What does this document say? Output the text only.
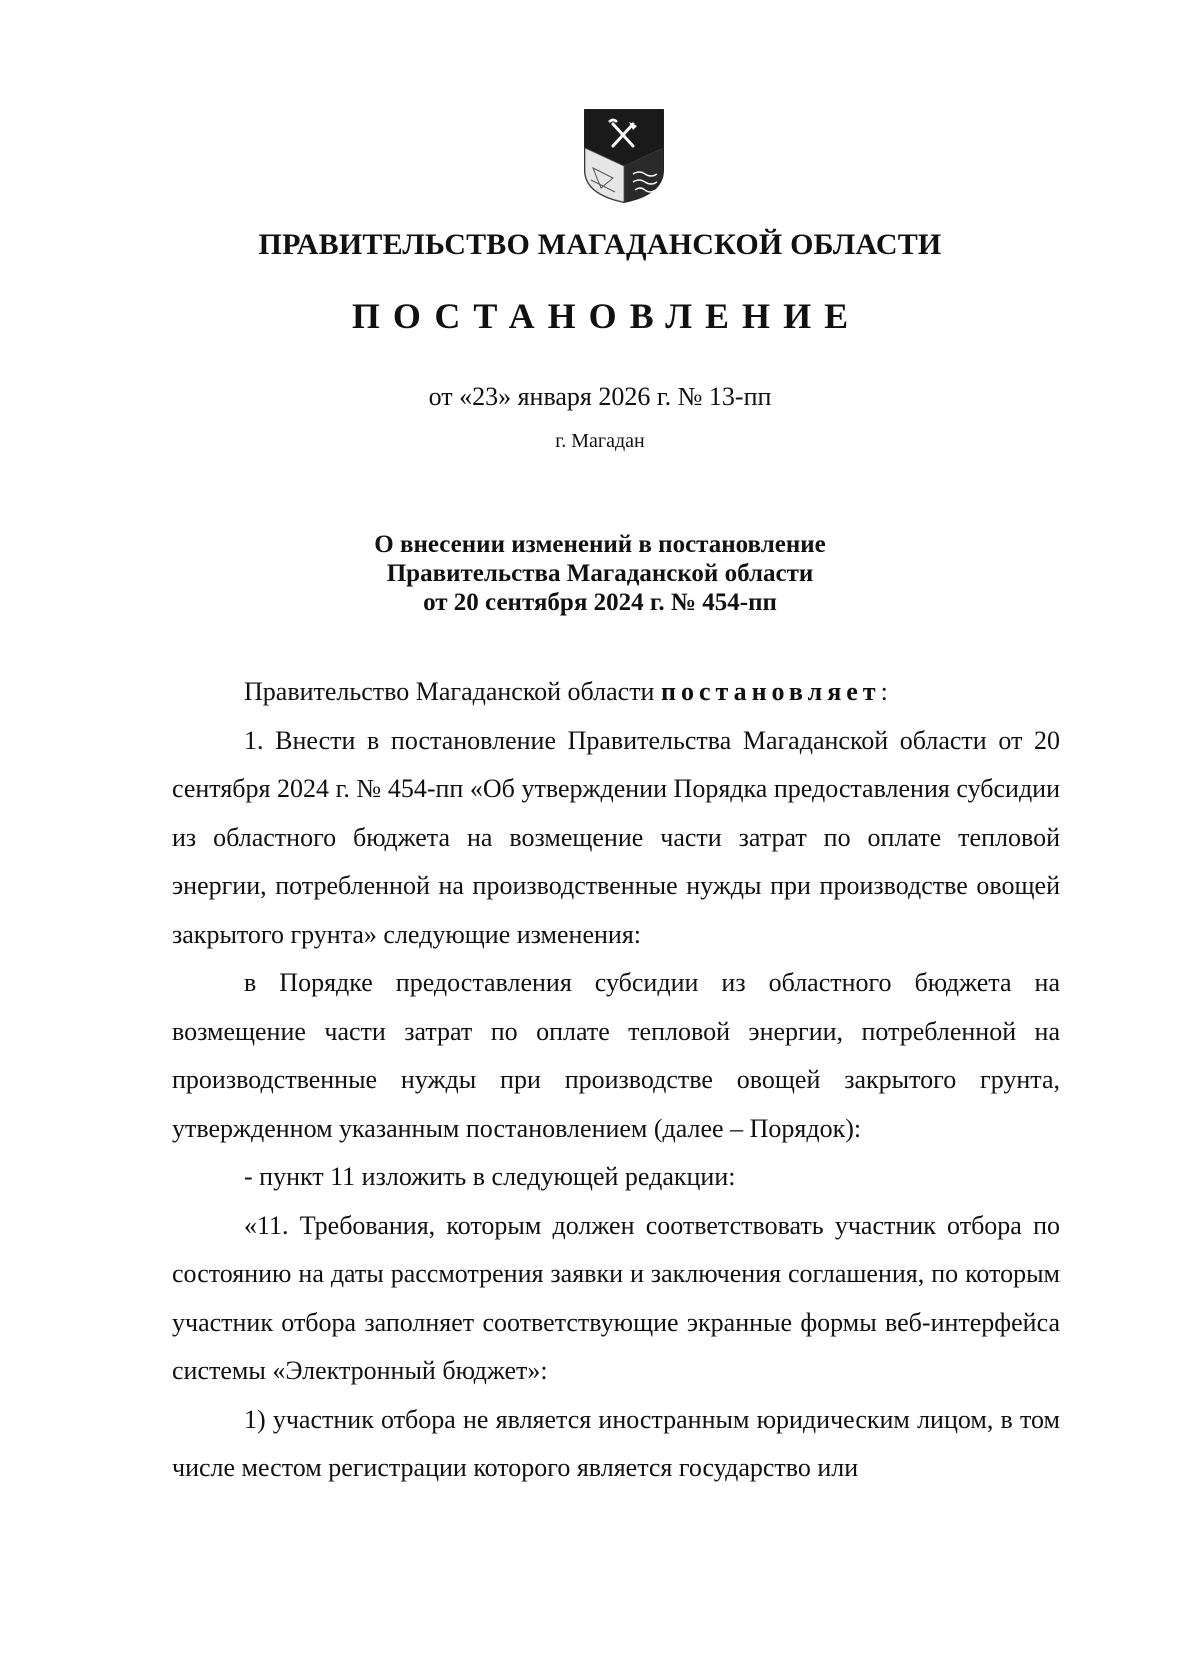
ПРАВИТЕЛЬСТВО МАГАДАНСКОЙ ОБЛАСТИ
ПОСТАНОВЛЕНИЕ
от «23» января 2026 г. № 13-пп
г. Магадан
О внесении изменений в постановление
Правительства Магаданской области
от 20 сентября 2024 г. № 454-пп

Правительство Магаданской области постановляет:

1. Внести в постановление Правительства Магаданской области от 20 сентября 2024 г. № 454-пп «Об утверждении Порядка предоставления субсидии из областного бюджета на возмещение части затрат по оплате тепловой энергии, потребленной на производственные нужды при производстве овощей закрытого грунта» следующие изменения:

в Порядке предоставления субсидии из областного бюджета на возмещение части затрат по оплате тепловой энергии, потребленной на производственные нужды при производстве овощей закрытого грунта, утвержденном указанным постановлением (далее – Порядок):

- пункт 11 изложить в следующей редакции:

«11. Требования, которым должен соответствовать участник отбора по состоянию на даты рассмотрения заявки и заключения соглашения, по которым участник отбора заполняет соответствующие экранные формы веб-интерфейса системы «Электронный бюджет»:

1) участник отбора не является иностранным юридическим лицом, в том числе местом регистрации которого является государство или
